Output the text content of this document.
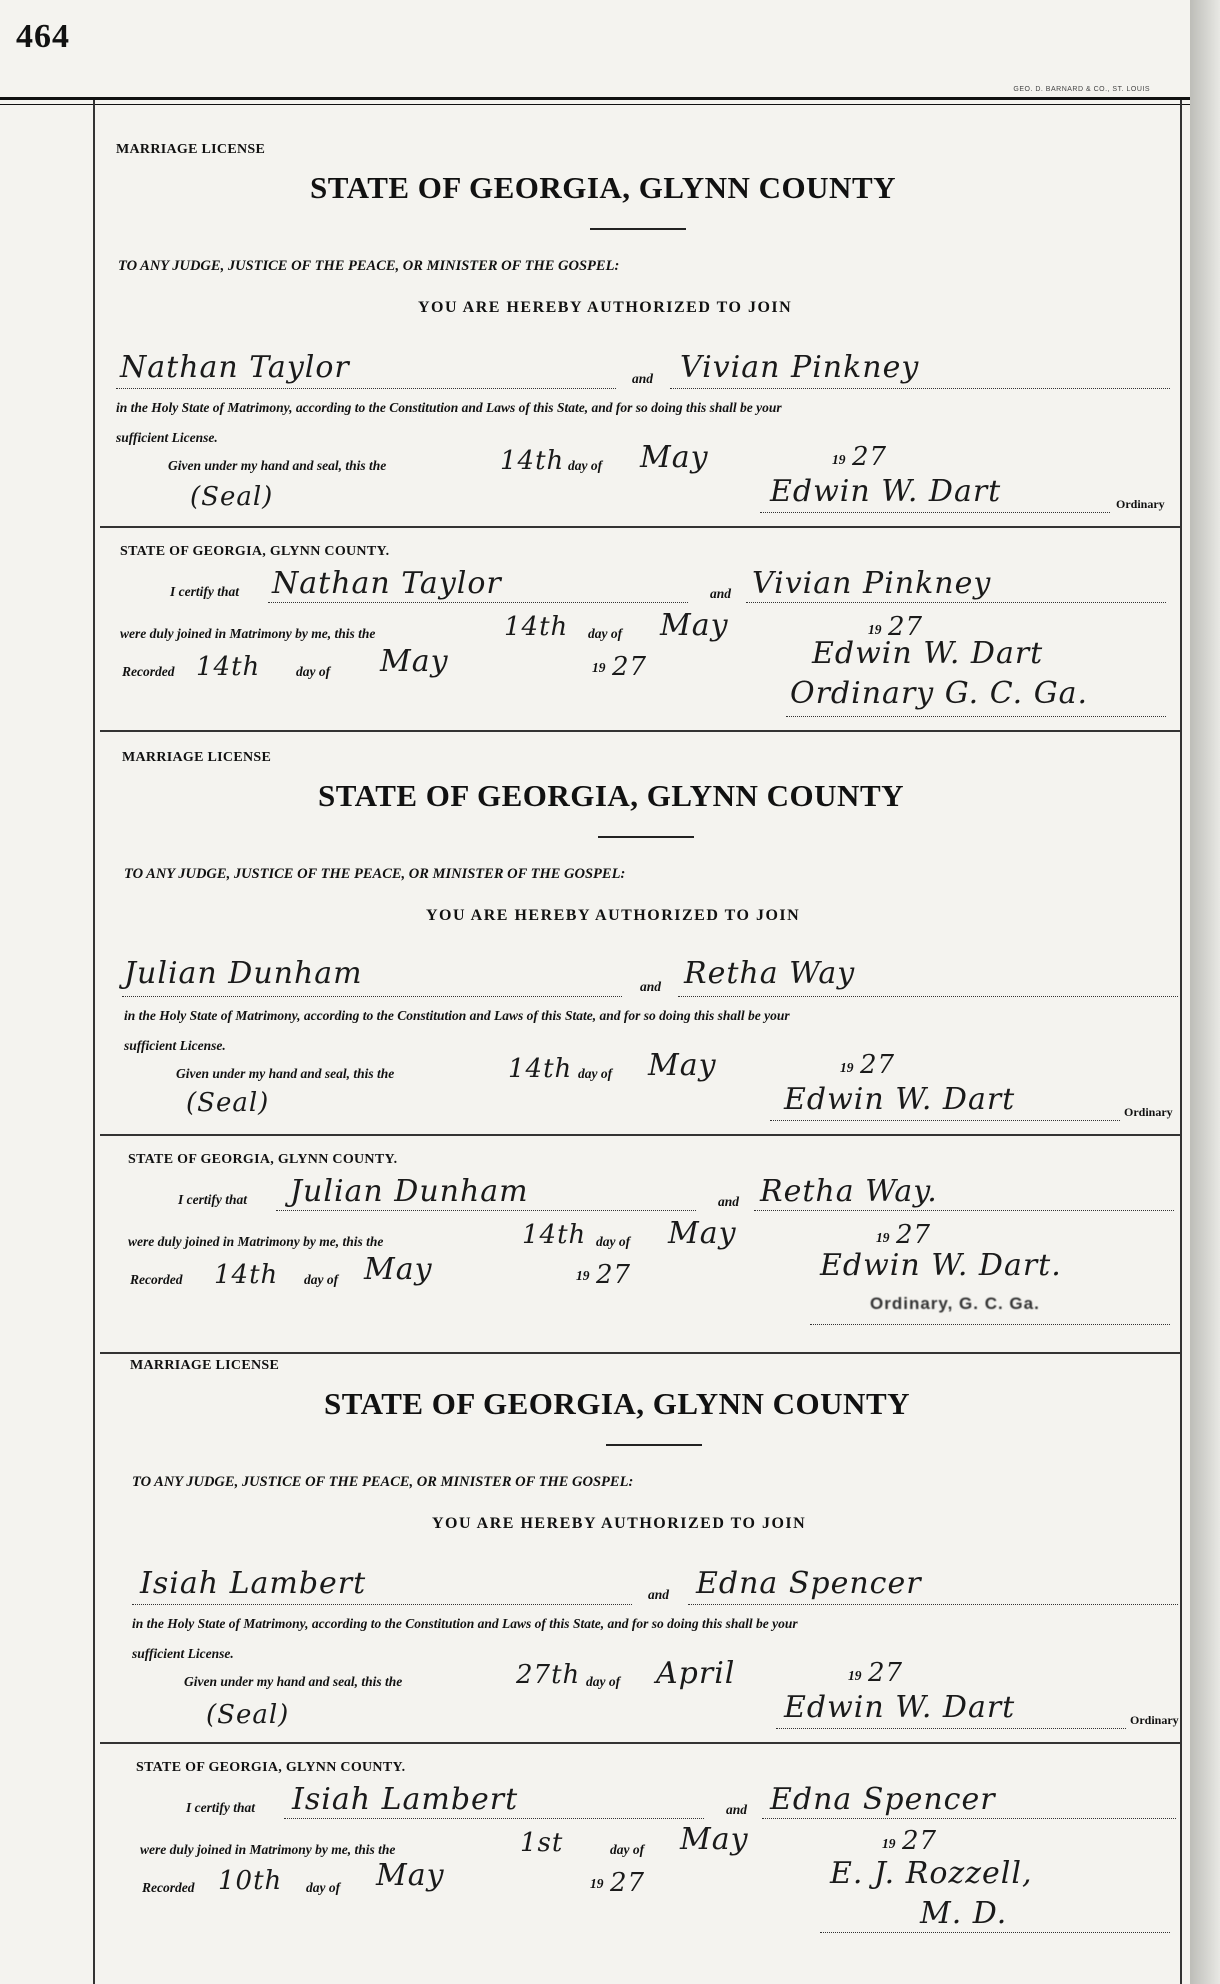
464
GEO. D. BARNARD & CO., ST. LOUIS
MARRIAGE LICENSE
STATE OF GEORGIA, GLYNN COUNTY
TO ANY JUDGE, JUSTICE OF THE PEACE, OR MINISTER OF THE GOSPEL:
YOU ARE HEREBY AUTHORIZED TO JOIN
Nathan Taylor	and Vivian Pinkney
in the Holy State of Matrimony, according to the Constitution and Laws of this State, and for so doing this shall be your
sufficient License.
Given under my hand and seal, this the	14th day of May	19 27
(Seal)	Edwin W. Dart	Ordinary
STATE OF GEORGIA, GLYNN COUNTY.
I certify that Nathan Taylor	and Vivian Pinkney
were duly joined in Matrimony by me, this the	14th day of May	19 27
Recorded 14th	day of May	19 27	Edwin W. Dart
Ordinary G. C. Ga.
MARRIAGE LICENSE
STATE OF GEORGIA, GLYNN COUNTY
TO ANY JUDGE, JUSTICE OF THE PEACE, OR MINISTER OF THE GOSPEL:
YOU ARE HEREBY AUTHORIZED TO JOIN
Julian Dunham	and Retha Way
in the Holy State of Matrimony, according to the Constitution and Laws of this State, and for so doing this shall be your
sufficient License.
Given under my hand and seal, this the	14th day of May	19 27
(Seal)	Edwin W. Dart	Ordinary
STATE OF GEORGIA, GLYNN COUNTY.
I certify that Julian Dunham	and Retha Way.
were duly joined in Matrimony by me, this the	14th day of May	19 27
Recorded 14th day of May	19 27	Edwin W. Dart.
Ordinary, G. C. Ga.
MARRIAGE LICENSE
STATE OF GEORGIA, GLYNN COUNTY
TO ANY JUDGE, JUSTICE OF THE PEACE, OR MINISTER OF THE GOSPEL:
YOU ARE HEREBY AUTHORIZED TO JOIN
Isiah Lambert	and Edna Spencer
in the Holy State of Matrimony, according to the Constitution and Laws of this State, and for so doing this shall be your
sufficient License.
Given under my hand and seal, this the	27th day of April	19 27
(Seal)	Edwin W. Dart	Ordinary
STATE OF GEORGIA, GLYNN COUNTY.
I certify that Isiah Lambert	and Edna Spencer
were duly joined in Matrimony by me, this the	1st	day of May	19 27
Recorded 10th day of May	19 27	E. J. Rozzell,
M. D.
